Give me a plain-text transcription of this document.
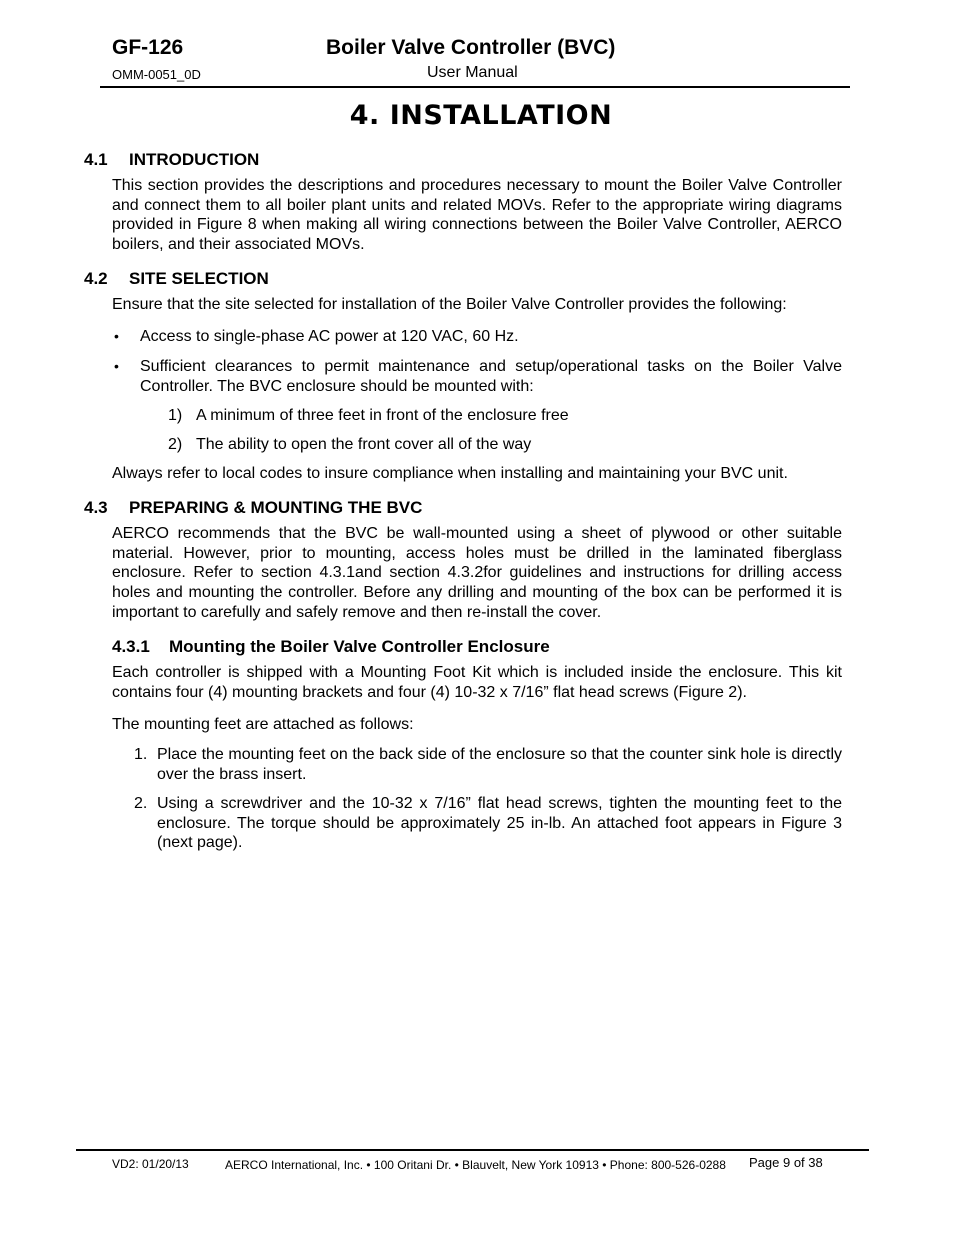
GF-126	Boiler Valve Controller (BVC)
OMM-0051_0D	User Manual
4. INSTALLATION
4.1 INTRODUCTION
This section provides the descriptions and procedures necessary to mount the Boiler Valve Controller and connect them to all boiler plant units and related MOVs. Refer to the appropriate wiring diagrams provided in Figure 8 when making all wiring connections between the Boiler Valve Controller, AERCO boilers, and their associated MOVs.
4.2 SITE SELECTION
Ensure that the site selected for installation of the Boiler Valve Controller provides the following:
• Access to single-phase AC power at 120 VAC, 60 Hz.
• Sufficient clearances to permit maintenance and setup/operational tasks on the Boiler Valve Controller. The BVC enclosure should be mounted with:
1) A minimum of three feet in front of the enclosure free
2) The ability to open the front cover all of the way
Always refer to local codes to insure compliance when installing and maintaining your BVC unit.
4.3 PREPARING & MOUNTING THE BVC
AERCO recommends that the BVC be wall-mounted using a sheet of plywood or other suitable material. However, prior to mounting, access holes must be drilled in the laminated fiberglass enclosure. Refer to section 4.3.1and section 4.3.2for guidelines and instructions for drilling access holes and mounting the controller. Before any drilling and mounting of the box can be performed it is important to carefully and safely remove and then re-install the cover.
4.3.1 Mounting the Boiler Valve Controller Enclosure
Each controller is shipped with a Mounting Foot Kit which is included inside the enclosure. This kit contains four (4) mounting brackets and four (4) 10-32 x 7/16” flat head screws (Figure 2).
The mounting feet are attached as follows:
1. Place the mounting feet on the back side of the enclosure so that the counter sink hole is directly over the brass insert.
2. Using a screwdriver and the 10-32 x 7/16” flat head screws, tighten the mounting feet to the enclosure. The torque should be approximately 25 in-lb. An attached foot appears in Figure 3 (next page).
VD2: 01/20/13	AERCO International, Inc. • 100 Oritani Dr. • Blauvelt, New York 10913 • Phone: 800-526-0288 Page 9 of 38
